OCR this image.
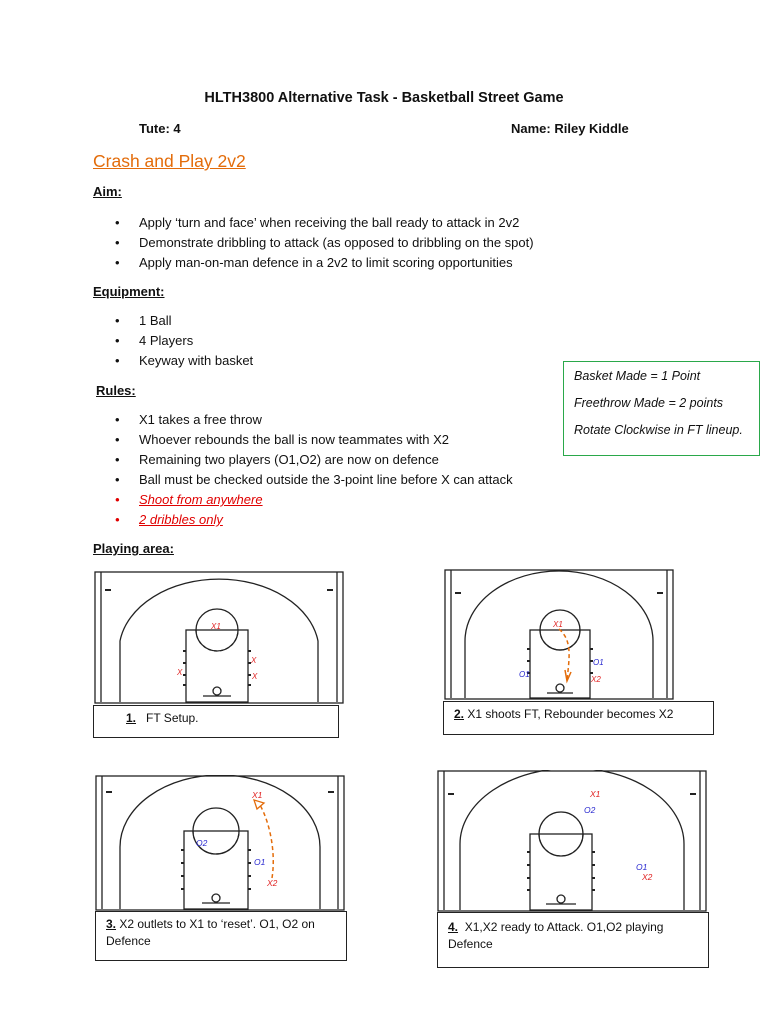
HLTH3800 Alternative Task - Basketball Street Game
Tute: 4	Name: Riley Kiddle
Crash and Play 2v2
Aim:
• Apply ‘turn and face’ when receiving the ball ready to attack in 2v2
• Demonstrate dribbling to attack (as opposed to dribbling on the spot)
• Apply man-on-man defence in a 2v2 to limit scoring opportunities
Equipment:
• 1 Ball
• 4 Players
• Keyway with basket
Rules:
• X1 takes a free throw
• Whoever rebounds the ball is now teammates with X2
• Remaining two players (O1,O2) are now on defence
• Ball must be checked outside the 3-point line before X can attack
• Shoot from anywhere
• 2 dribbles only
Basket Made = 1 Point
Freethrow Made = 2 points
Rotate Clockwise in FT lineup.
Playing area:
X1
X
X
X
1. FT Setup.
X1
X2
O1
O1
2. X1 shoots FT, Rebounder becomes X2
X1
X2
O2
O1
3. X2 outlets to X1 to ‘reset’. O1, O2 on Defence
X1
X2
O2
O1
4. X1,X2 ready to Attack. O1,O2 playing Defence
